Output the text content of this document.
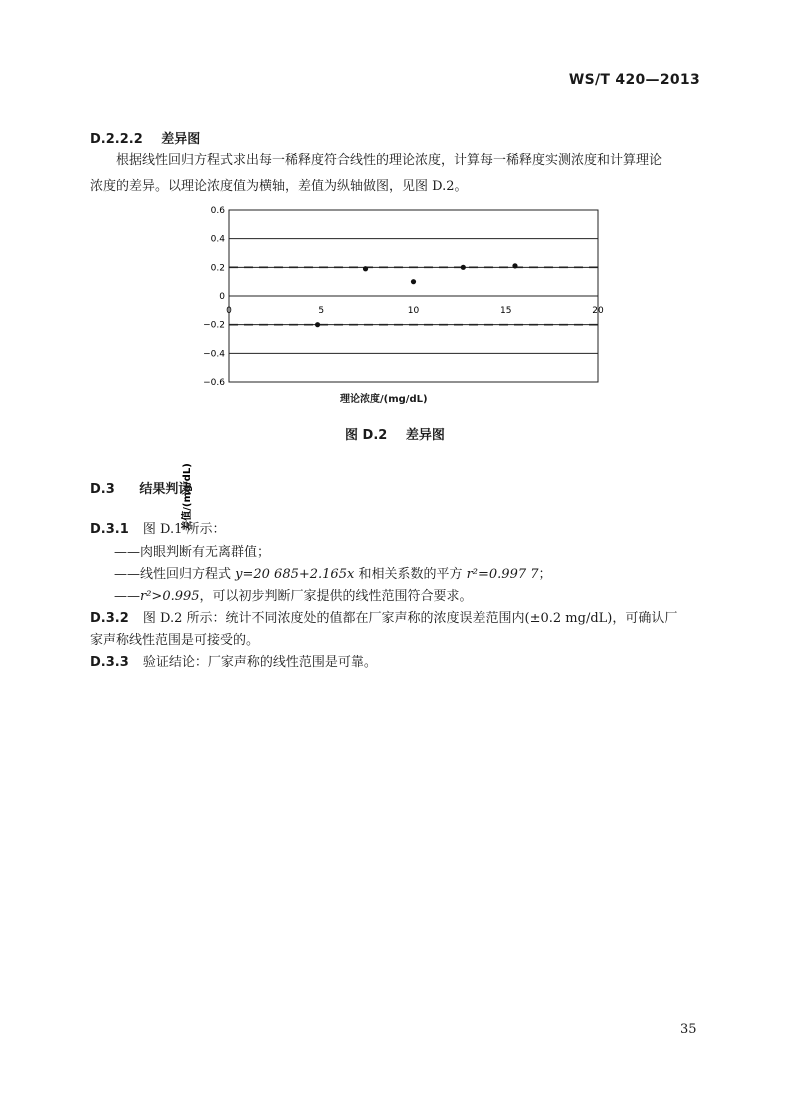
WS/T 420—2013
D.2.2.2 差异图
根据线性回归方程式求出每一稀释度符合线性的理论浓度，计算每一稀释度实测浓度和计算理论
浓度的差异。以理论浓度值为横轴，差值为纵轴做图，见图 D.2。
0.6
0.4
0.2
0
−0.2
−0.4
−0.6
0	5	10	15	20
差值/(mg/dL)
理论浓度/(mg/dL)
图 D.2 差异图
D.3 结果判读
D.3.1 图 D.1 所示：
——肉眼判断有无离群值；
——线性回归方程式 y=20 685+2.165x 和相关系数的平方 r²=0.997 7；
——r²>0.995，可以初步判断厂家提供的线性范围符合要求。
D.3.2 图 D.2 所示：统计不同浓度处的值都在厂家声称的浓度误差范围内(±0.2 mg/dL)，可确认厂
家声称线性范围是可接受的。
D.3.3 验证结论：厂家声称的线性范围是可靠。
35
